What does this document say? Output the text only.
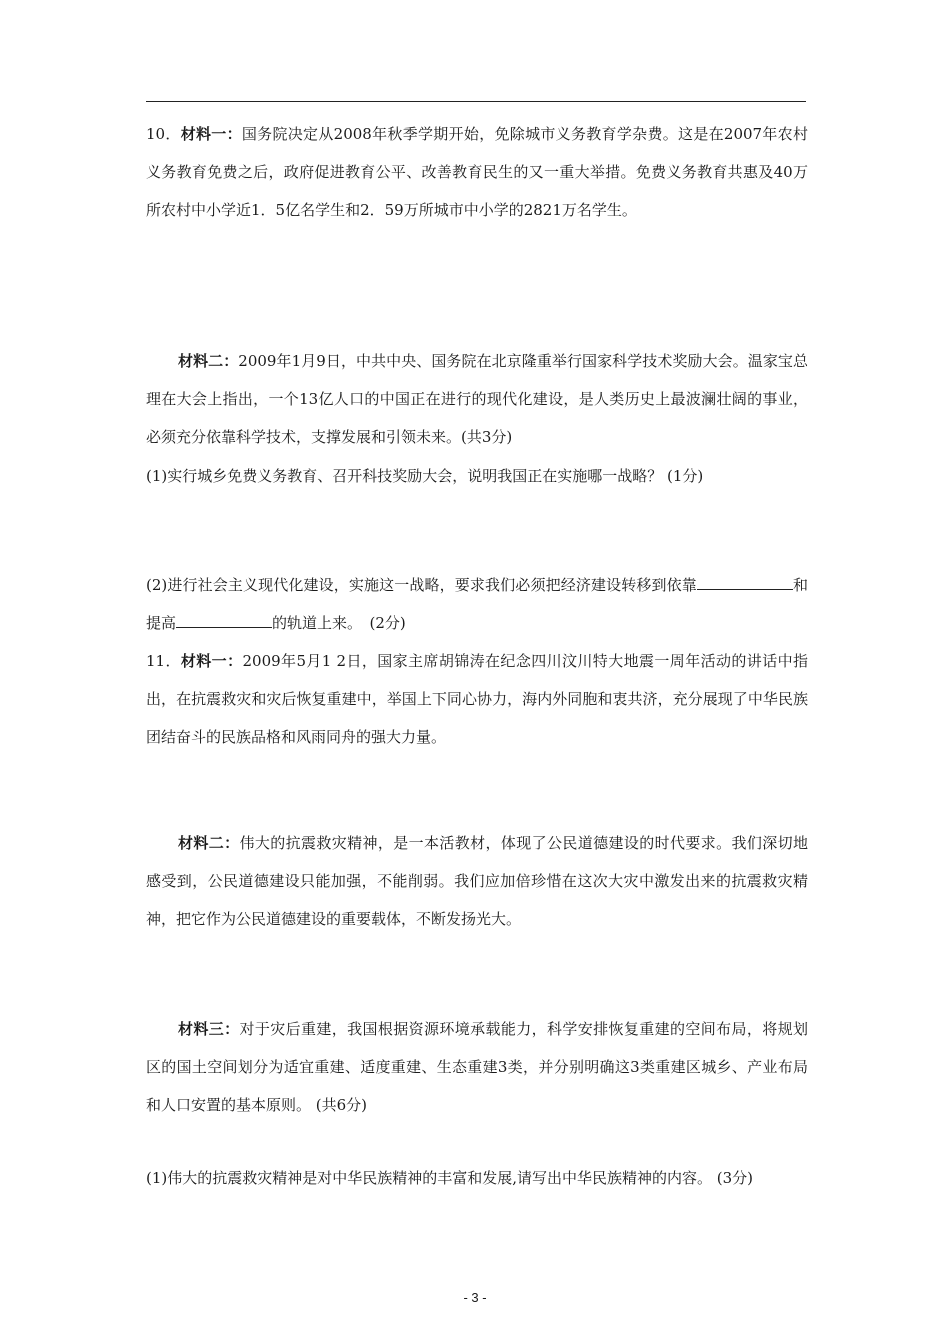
10．材料一：国务院决定从2008年秋季学期开始，免除城市义务教育学杂费。这是在2007年农村义务教育免费之后，政府促进教育公平、改善教育民生的又一重大举措。免费义务教育共惠及40万所农村中小学近1．5亿名学生和2．59万所城市中小学的2821万名学生。

材料二：2009年1月9日，中共中央、国务院在北京隆重举行国家科学技术奖励大会。温家宝总理在大会上指出，一个13亿人口的中国正在进行的现代化建设，是人类历史上最波澜壮阔的事业，必须充分依靠科学技术，支撑发展和引领未来。(共3分)

(1)实行城乡免费义务教育、召开科技奖励大会，说明我国正在实施哪一战略？ (1分)

(2)进行社会主义现代化建设，实施这一战略，要求我们必须把经济建设转移到依靠	和提高	的轨道上来。　(2分)

11．材料一：2009年5月1 2日，国家主席胡锦涛在纪念四川汶川特大地震一周年活动的讲话中指出，在抗震救灾和灾后恢复重建中，举国上下同心协力，海内外同胞和衷共济，充分展现了中华民族团结奋斗的民族品格和风雨同舟的强大力量。

材料二：伟大的抗震救灾精神，是一本活教材，体现了公民道德建设的时代要求。我们深切地感受到，公民道德建设只能加强，不能削弱。我们应加倍珍惜在这次大灾中激发出来的抗震救灾精神，把它作为公民道德建设的重要载体，不断发扬光大。

材料三：对于灾后重建，我国根据资源环境承载能力，科学安排恢复重建的空间布局，将规划区的国土空间划分为适宜重建、适度重建、生态重建3类，并分别明确这3类重建区城乡、产业布局和人口安置的基本原则。 (共6分)

(1)伟大的抗震救灾精神是对中华民族精神的丰富和发展,请写出中华民族精神的内容。 (3分)

- 3 -
